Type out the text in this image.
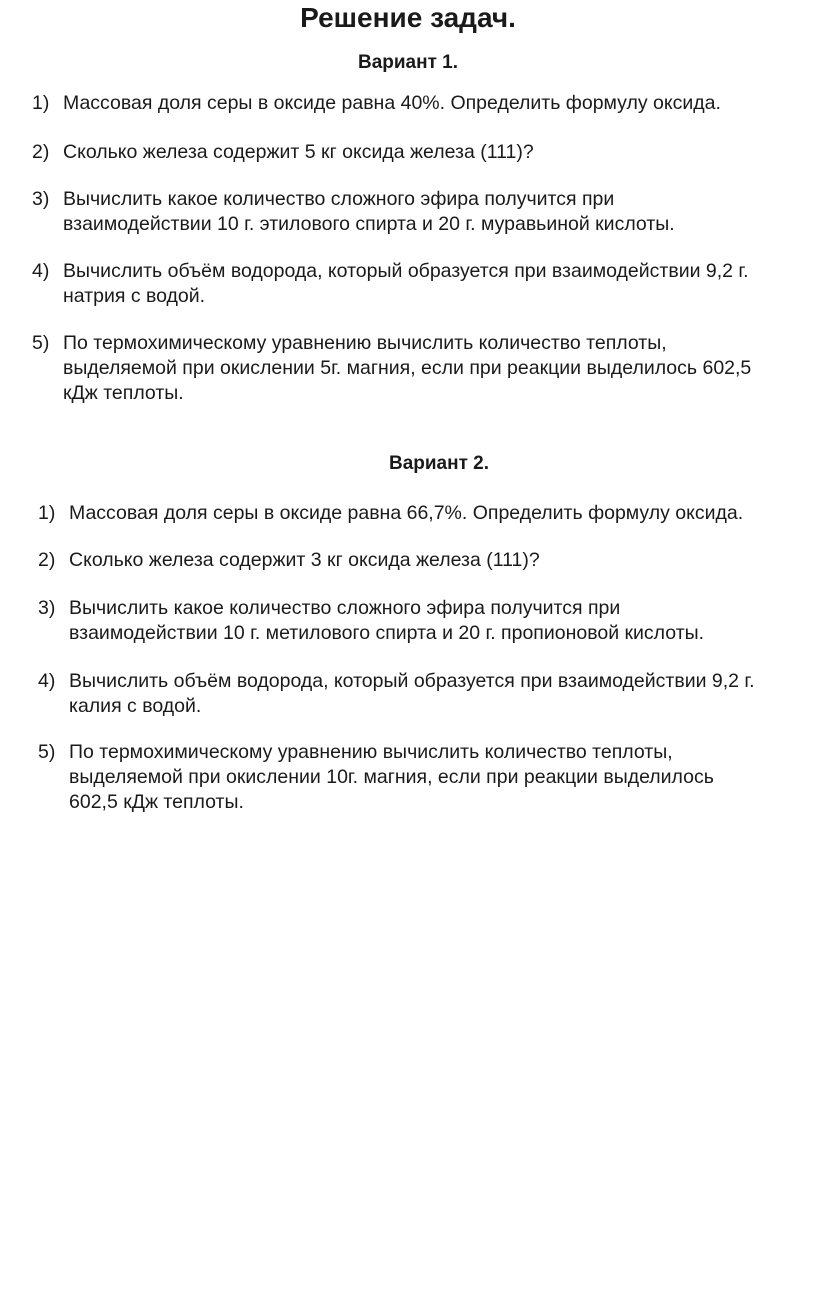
Решение задач.
Вариант 1.
1) Массовая доля серы в оксиде равна 40%. Определить формулу оксида.

2) Сколько железа содержит 5 кг оксида железа (111)?

3) Вычислить какое количество сложного эфира получится при
взаимодействии 10 г. этилового спирта и 20 г. муравьиной кислоты.

4) Вычислить объём водорода, который образуется при взаимодействии 9,2 г.
натрия с водой.

5) По термохимическому уравнению вычислить количество теплоты,
выделяемой при окислении 5г. магния, если при реакции выделилось 602,5
кДж теплоты.

Вариант 2.
1) Массовая доля серы в оксиде равна 66,7%. Определить формулу оксида.

2) Сколько железа содержит 3 кг оксида железа (111)?

3) Вычислить какое количество сложного эфира получится при
взаимодействии 10 г. метилового спирта и 20 г. пропионовой кислоты.

4) Вычислить объём водорода, который образуется при взаимодействии 9,2 г.
калия с водой.

5) По термохимическому уравнению вычислить количество теплоты,
выделяемой при окислении 10г. магния, если при реакции выделилось
602,5 кДж теплоты.
